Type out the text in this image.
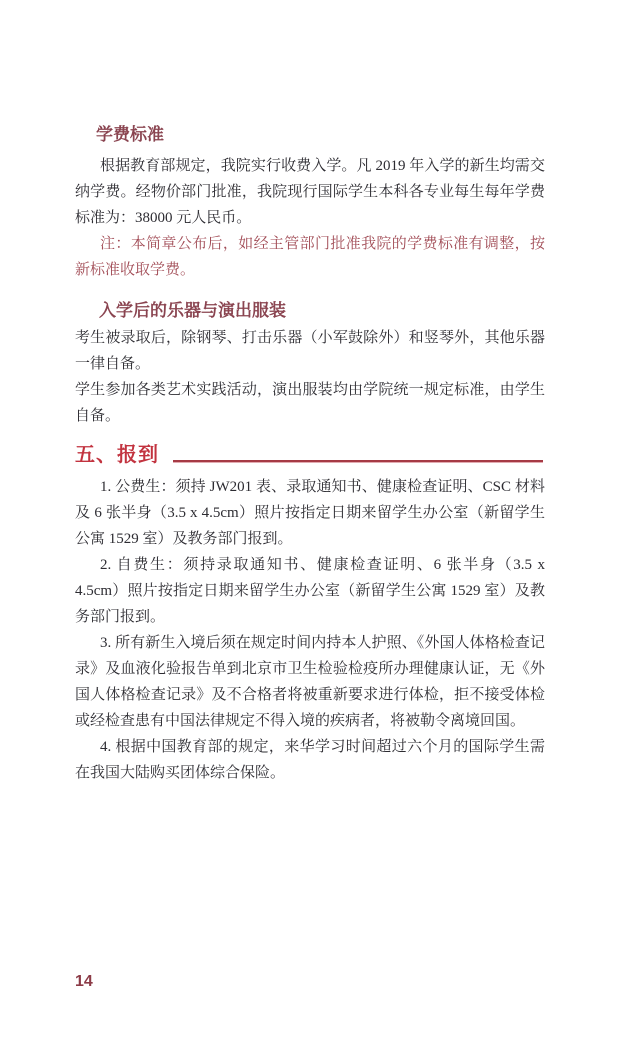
学费标准

根据教育部规定，我院实行收费入学。凡 2019 年入学的新生均需交纳学费。经物价部门批准，我院现行国际学生本科各专业每生每年学费标准为：38000 元人民币。

注：本简章公布后，如经主管部门批准我院的学费标准有调整，按新标准收取学费。

入学后的乐器与演出服装

考生被录取后，除钢琴、打击乐器（小军鼓除外）和竖琴外，其他乐器一律自备。

学生参加各类艺术实践活动，演出服装均由学院统一规定标准，由学生自备。

五、报到

1. 公费生：须持 JW201 表、录取通知书、健康检查证明、CSC 材料及 6 张半身（3.5 x 4.5cm）照片按指定日期来留学生办公室（新留学生公寓 1529 室）及教务部门报到。

2. 自费生：须持录取通知书、健康检查证明、6 张半身（3.5 x 4.5cm）照片按指定日期来留学生办公室（新留学生公寓 1529 室）及教务部门报到。

3. 所有新生入境后须在规定时间内持本人护照、《外国人体格检查记录》及血液化验报告单到北京市卫生检验检疫所办理健康认证，无《外国人体格检查记录》及不合格者将被重新要求进行体检，拒不接受体检或经检查患有中国法律规定不得入境的疾病者，将被勒令离境回国。

4. 根据中国教育部的规定，来华学习时间超过六个月的国际学生需在我国大陆购买团体综合保险。

14
